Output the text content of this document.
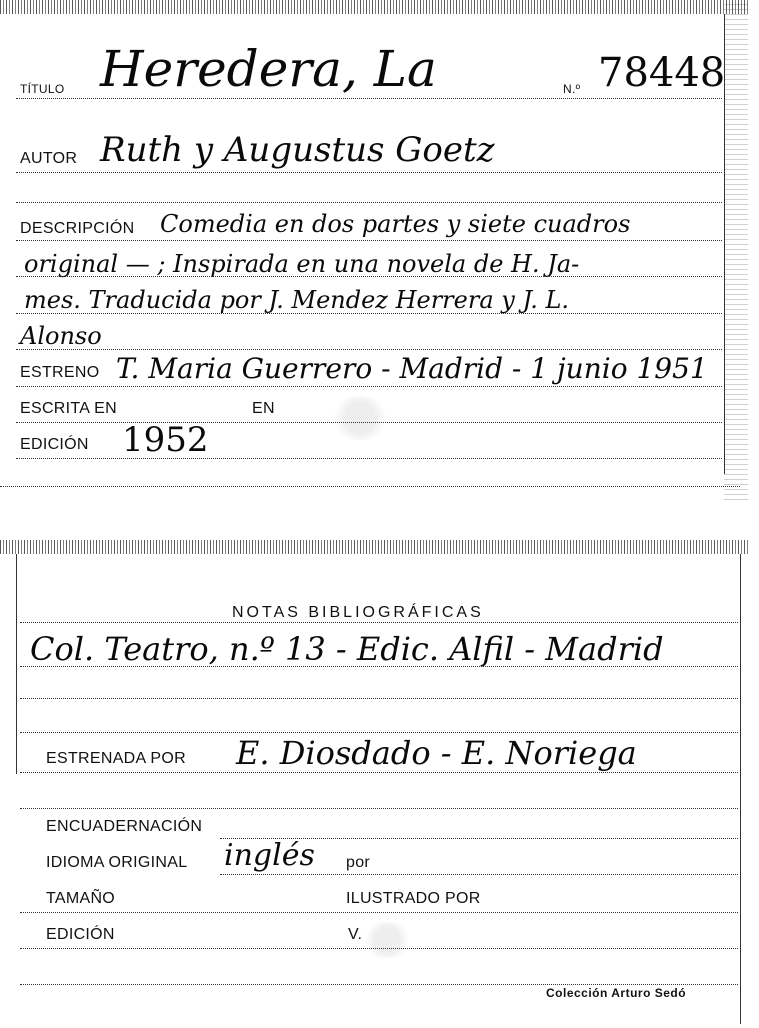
TÍTULO Heredera, La	N.º 78448
AUTOR Ruth y Augustus Goetz
DESCRIPCIÓN Comedia en dos partes y siete cuadros
original — ; Inspirada en una novela de H. Ja-
mes. Traducida por J. Mendez Herrera y J. L.
Alonso
ESTRENO T. Maria Guerrero - Madrid - 1 junio 1951
ESCRITA EN	EN
EDICIÓN 1952
NOTAS BIBLIOGRÁFICAS
Col. Teatro, n.º 13 - Edic. Alfil - Madrid
ESTRENADA POR E. Diosdado - E. Noriega
ENCUADERNACIÓN
IDIOMA ORIGINAL inglés por
TAMAÑO	ILUSTRADO POR
EDICIÓN	V.
Colección Arturo Sedó
